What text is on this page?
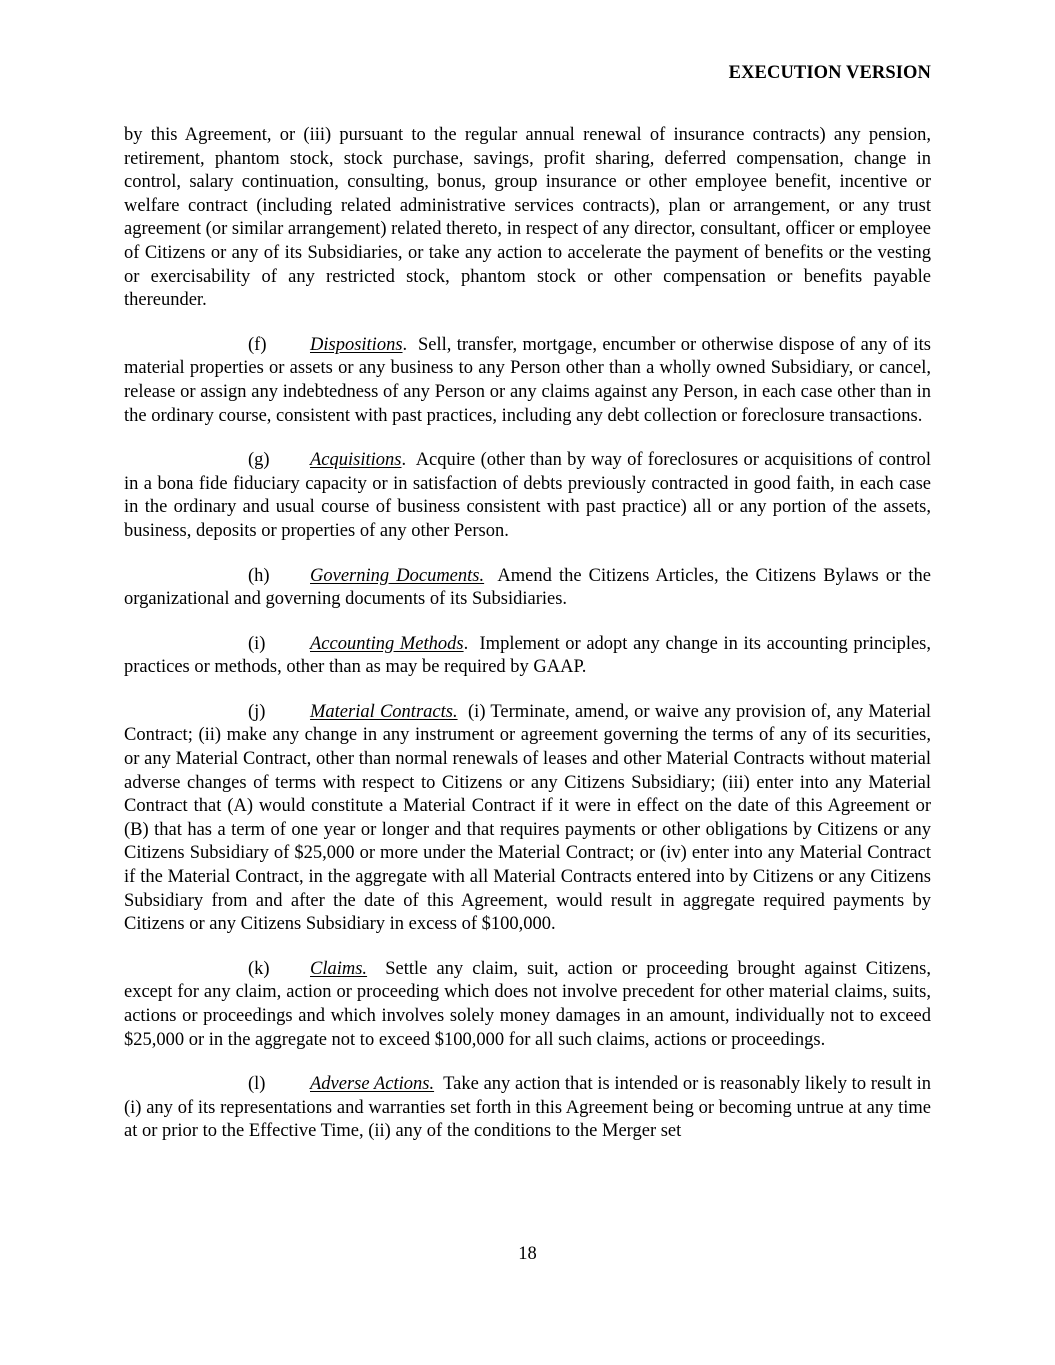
EXECUTION VERSION

by this Agreement, or (iii) pursuant to the regular annual renewal of insurance contracts) any pension, retirement, phantom stock, stock purchase, savings, profit sharing, deferred compensation, change in control, salary continuation, consulting, bonus, group insurance or other employee benefit, incentive or welfare contract (including related administrative services contracts), plan or arrangement, or any trust agreement (or similar arrangement) related thereto, in respect of any director, consultant, officer or employee of Citizens or any of its Subsidiaries, or take any action to accelerate the payment of benefits or the vesting or exercisability of any restricted stock, phantom stock or other compensation or benefits payable thereunder.

(f) Dispositions. Sell, transfer, mortgage, encumber or otherwise dispose of any of its material properties or assets or any business to any Person other than a wholly owned Subsidiary, or cancel, release or assign any indebtedness of any Person or any claims against any Person, in each case other than in the ordinary course, consistent with past practices, including any debt collection or foreclosure transactions.

(g) Acquisitions. Acquire (other than by way of foreclosures or acquisitions of control in a bona fide fiduciary capacity or in satisfaction of debts previously contracted in good faith, in each case in the ordinary and usual course of business consistent with past practice) all or any portion of the assets, business, deposits or properties of any other Person.

(h) Governing Documents. Amend the Citizens Articles, the Citizens Bylaws or the organizational and governing documents of its Subsidiaries.

(i) Accounting Methods. Implement or adopt any change in its accounting principles, practices or methods, other than as may be required by GAAP.

(j) Material Contracts. (i) Terminate, amend, or waive any provision of, any Material Contract; (ii) make any change in any instrument or agreement governing the terms of any of its securities, or any Material Contract, other than normal renewals of leases and other Material Contracts without material adverse changes of terms with respect to Citizens or any Citizens Subsidiary; (iii) enter into any Material Contract that (A) would constitute a Material Contract if it were in effect on the date of this Agreement or (B) that has a term of one year or longer and that requires payments or other obligations by Citizens or any Citizens Subsidiary of $25,000 or more under the Material Contract; or (iv) enter into any Material Contract if the Material Contract, in the aggregate with all Material Contracts entered into by Citizens or any Citizens Subsidiary from and after the date of this Agreement, would result in aggregate required payments by Citizens or any Citizens Subsidiary in excess of $100,000.

(k) Claims. Settle any claim, suit, action or proceeding brought against Citizens, except for any claim, action or proceeding which does not involve precedent for other material claims, suits, actions or proceedings and which involves solely money damages in an amount, individually not to exceed $25,000 or in the aggregate not to exceed $100,000 for all such claims, actions or proceedings.

(l) Adverse Actions. Take any action that is intended or is reasonably likely to result in (i) any of its representations and warranties set forth in this Agreement being or becoming untrue at any time at or prior to the Effective Time, (ii) any of the conditions to the Merger set

18
